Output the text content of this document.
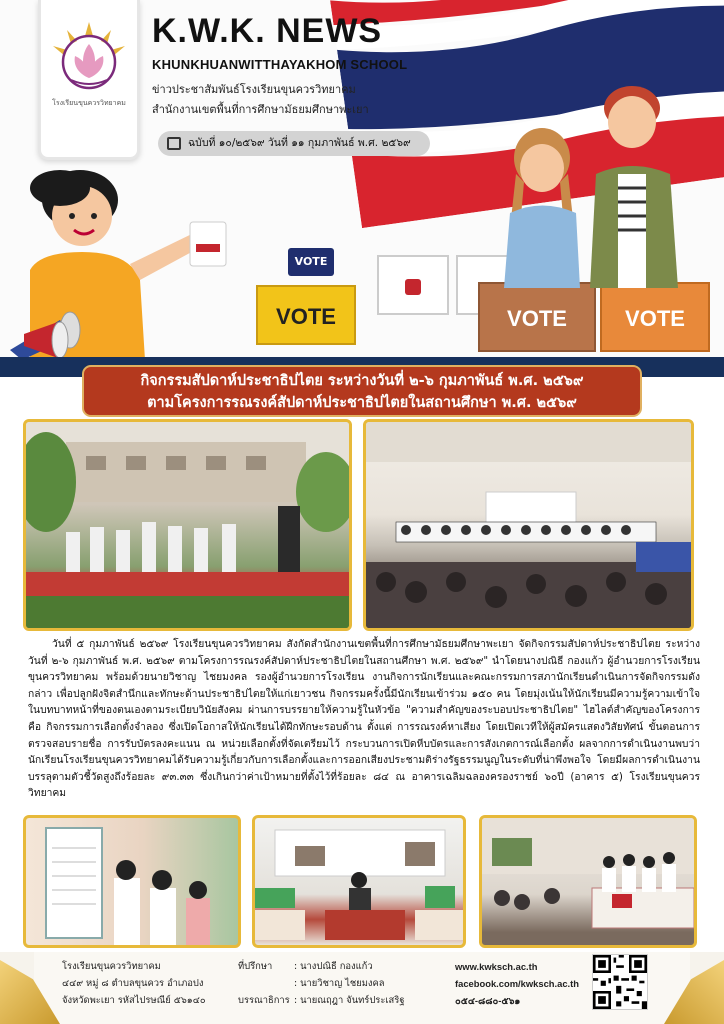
โรงเรียนขุนควรวิทยาคม
K.W.K. NEWS
KHUNKHUANWITTHAYAKHOM SCHOOL
ข่าวประชาสัมพันธ์โรงเรียนขุนควรวิทยาคม
สำนักงานเขตพื้นที่การศึกษามัธยมศึกษาพะเยา
ฉบับที่ ๑๐/๒๕๖๙ วันที่ ๑๑ กุมภาพันธ์ พ.ศ. ๒๕๖๙
VOTE
VOTE
VOTE	VOTE
กิจกรรมสัปดาห์ประชาธิปไตย ระหว่างวันที่ ๒-๖ กุมภาพันธ์ พ.ศ. ๒๕๖๙
ตามโครงการรณรงค์สัปดาห์ประชาธิปไตยในสถานศึกษา พ.ศ. ๒๕๖๙
วันที่ ๕ กุมภาพันธ์ ๒๕๖๙ โรงเรียนขุนควรวิทยาคม สังกัดสำนักงานเขตพื้นที่การศึกษามัธยมศึกษาพะเยา จัดกิจกรรมสัปดาห์ประชาธิปไตย ระหว่างวันที่ ๒-๖ กุมภาพันธ์ พ.ศ. ๒๕๖๙ ตามโครงการรณรงค์สัปดาห์ประชาธิปไตยในสถานศึกษา พ.ศ. ๒๕๖๙" นำโดยนางปณิธี กองแก้ว ผู้อำนวยการโรงเรียนขุนควรวิทยาคม พร้อมด้วยนายวิชาญ ไชยมงคล รองผู้อำนวยการโรงเรียน งานกิจการนักเรียนและคณะกรรมการสภานักเรียนดำเนินการจัดกิจกรรมดังกล่าว เพื่อปลูกฝังจิตสำนึกและทักษะด้านประชาธิปไตยให้แก่เยาวชน กิจกรรมครั้งนี้มีนักเรียนเข้าร่วม ๑๕๐ คน โดยมุ่งเน้นให้นักเรียนมีความรู้ความเข้าใจในบทบาทหน้าที่ของตนเองตามระเบียบวินัยสังคม ผ่านการบรรยายให้ความรู้ในหัวข้อ "ความสำคัญของระบอบประชาธิปไตย" ไฮไลต์สำคัญของโครงการคือ กิจกรรมการเลือกตั้งจำลอง ซึ่งเปิดโอกาสให้นักเรียนได้ฝึกทักษะรอบด้าน ตั้งแต่ การรณรงค์หาเสียง โดยเปิดเวทีให้ผู้สมัครแสดงวิสัยทัศน์ ขั้นตอนการตรวจสอบรายชื่อ การรับบัตรลงคะแนน ณ หน่วยเลือกตั้งที่จัดเตรียมไว้ กระบวนการเปิดหีบบัตรและการสังเกตการณ์เลือกตั้ง ผลจากการดำเนินงานพบว่า นักเรียนโรงเรียนขุนควรวิทยาคมได้รับความรู้เกี่ยวกับการเลือกตั้งและการออกเสียงประชามติร่างรัฐธรรมนูญในระดับที่น่าพึงพอใจ โดยมีผลการดำเนินงานบรรลุตามตัวชี้วัดสูงถึงร้อยละ ๙๓.๓๓ ซึ่งเกินกว่าค่าเป้าหมายที่ตั้งไว้ที่ร้อยละ ๘๔ ณ อาคารเฉลิมฉลองครองราชย์ ๖๐ปี (อาคาร ๕) โรงเรียนขุนควรวิทยาคม
โรงเรียนขุนควรวิทยาคม
๔๔๙ หมู่ ๘ ตำบลขุนควร อำเภอปง
จังหวัดพะเยา รหัสไปรษณีย์ ๕๖๑๔๐
ที่ปรึกษา : นางปณิธี กองแก้ว
: นายวิชาญ ไชยมงคล
บรรณาธิการ : นายณฤฎา จันทร์ประเสริฐ
www.kwksch.ac.th
facebook.com/kwksch.ac.th
๐๕๔-๘๘๐-๕๖๑
